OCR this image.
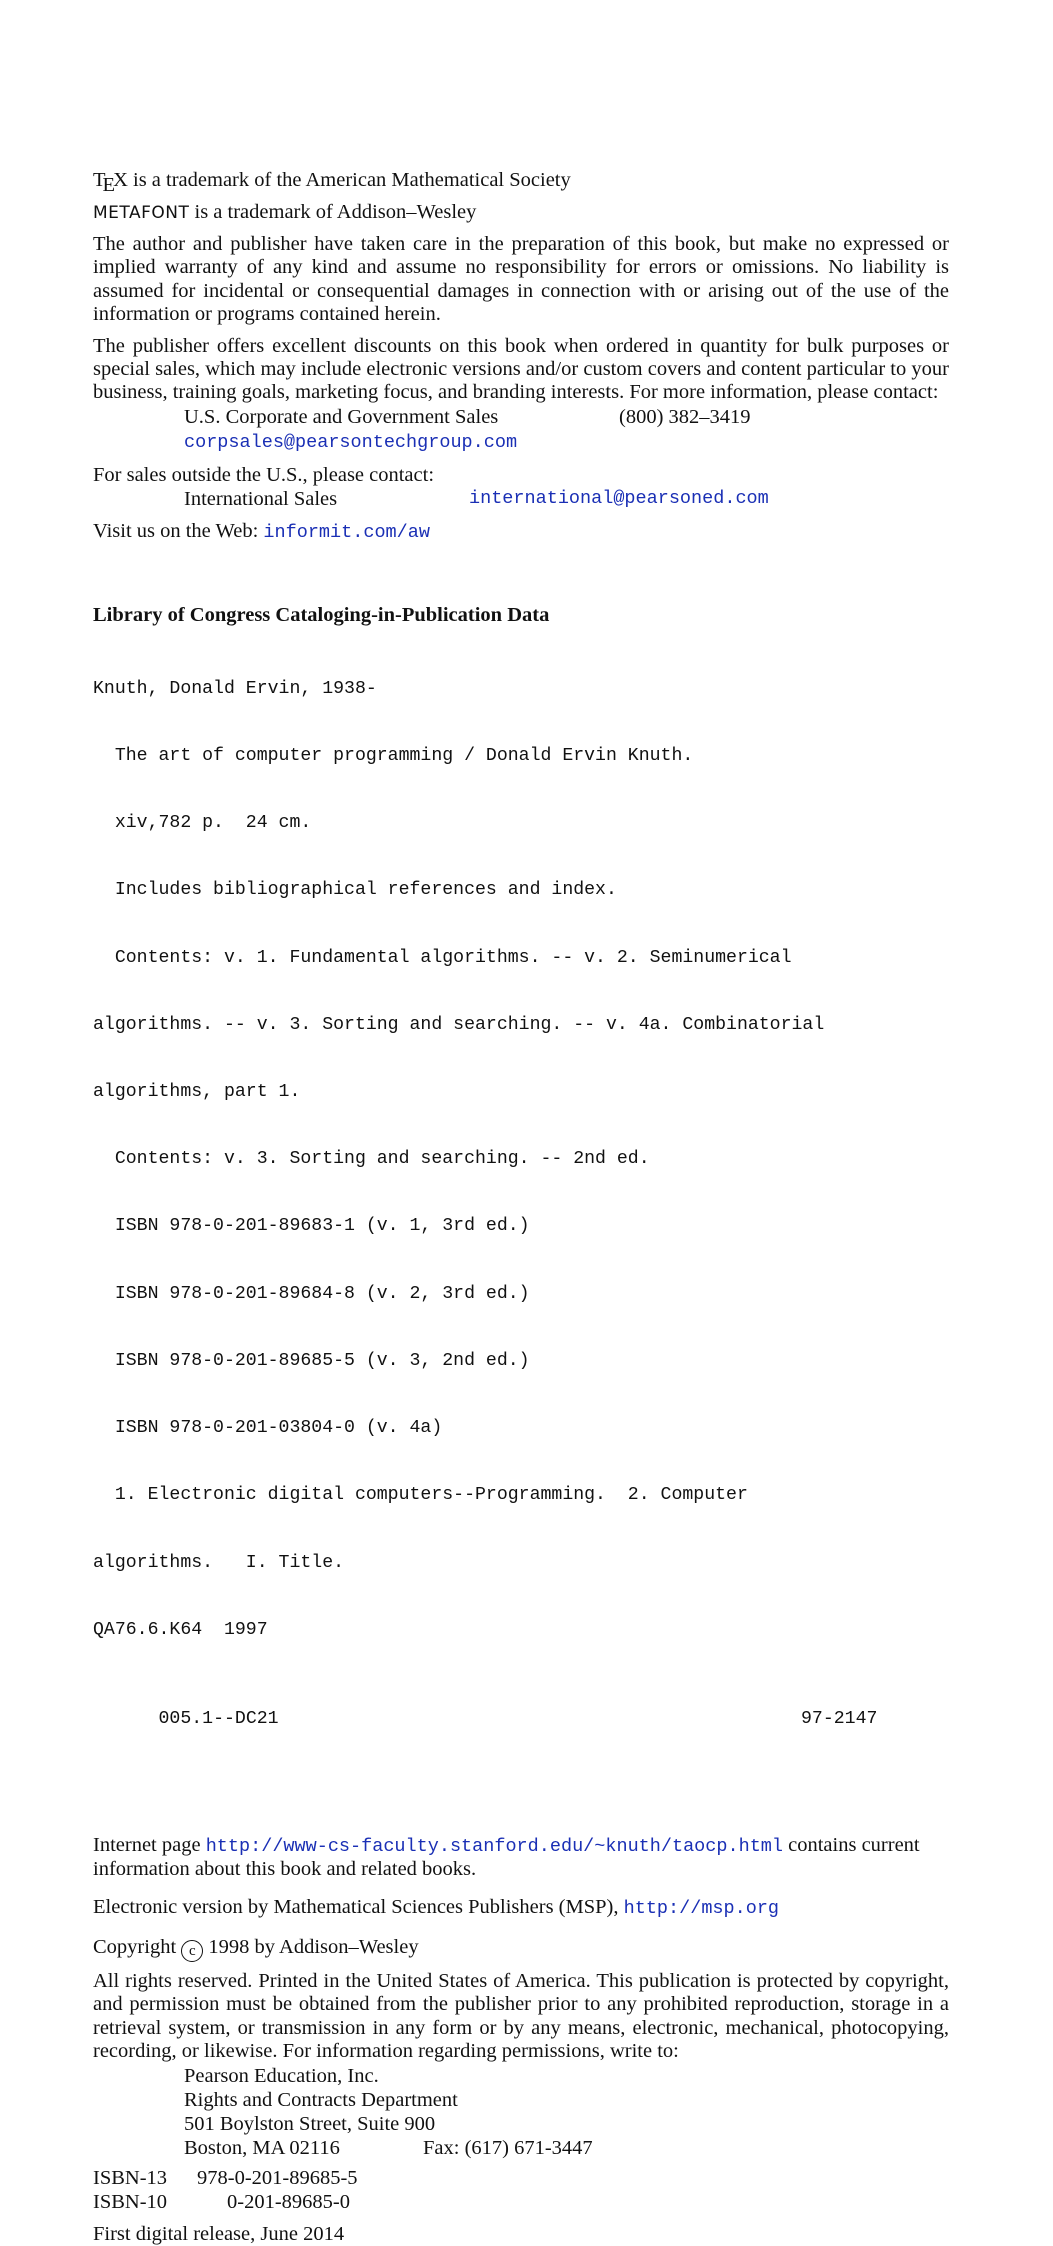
TEX is a trademark of the American Mathematical Society

METAFONT is a trademark of Addison–Wesley

The author and publisher have taken care in the preparation of this book, but make no expressed or implied warranty of any kind and assume no responsibility for errors or omissions. No liability is assumed for incidental or consequential damages in connection with or arising out of the use of the information or programs contained herein.

The publisher offers excellent discounts on this book when ordered in quantity for bulk purposes or special sales, which may include electronic versions and/or custom covers and content particular to your business, training goals, marketing focus, and branding interests. For more information, please contact:

U.S. Corporate and Government Sales	(800) 382–3419
corpsales@pearsontechgroup.com

For sales outside the U.S., please contact:

International Sales	international@pearsoned.com

Visit us on the Web: informit.com/aw

Library of Congress Cataloging-in-Publication Data

Knuth, Donald Ervin, 1938-

The art of computer programming / Donald Ervin Knuth.

xiv,782 p.  24 cm.

Includes bibliographical references and index.

Contents: v. 1. Fundamental algorithms. -- v. 2. Seminumerical

algorithms. -- v. 3. Sorting and searching. -- v. 4a. Combinatorial

algorithms, part 1.

Contents: v. 3. Sorting and searching. -- 2nd ed.

ISBN 978-0-201-89683-1 (v. 1, 3rd ed.)

ISBN 978-0-201-89684-8 (v. 2, 3rd ed.)

ISBN 978-0-201-89685-5 (v. 3, 2nd ed.)

ISBN 978-0-201-03804-0 (v. 4a)

1. Electronic digital computers--Programming.  2. Computer

algorithms.   I. Title.

QA76.6.K64  1997

005.1--DC21	97-2147

Internet page http://www-cs-faculty.stanford.edu/~knuth/taocp.html contains current information about this book and related books.

Electronic version by Mathematical Sciences Publishers (MSP), http://msp.org

Copyright c 1998 by Addison–Wesley

All rights reserved. Printed in the United States of America. This publication is protected by copyright, and permission must be obtained from the publisher prior to any prohibited reproduction, storage in a retrieval system, or transmission in any form or by any means, electronic, mechanical, photocopying, recording, or likewise. For information regarding permissions, write to:

Pearson Education, Inc.
Rights and Contracts Department
501 Boylston Street, Suite 900
Boston, MA 02116	Fax: (617) 671-3447
ISBN-13	978-0-201-89685-5
ISBN-10	0-201-89685-0

First digital release, June 2014
